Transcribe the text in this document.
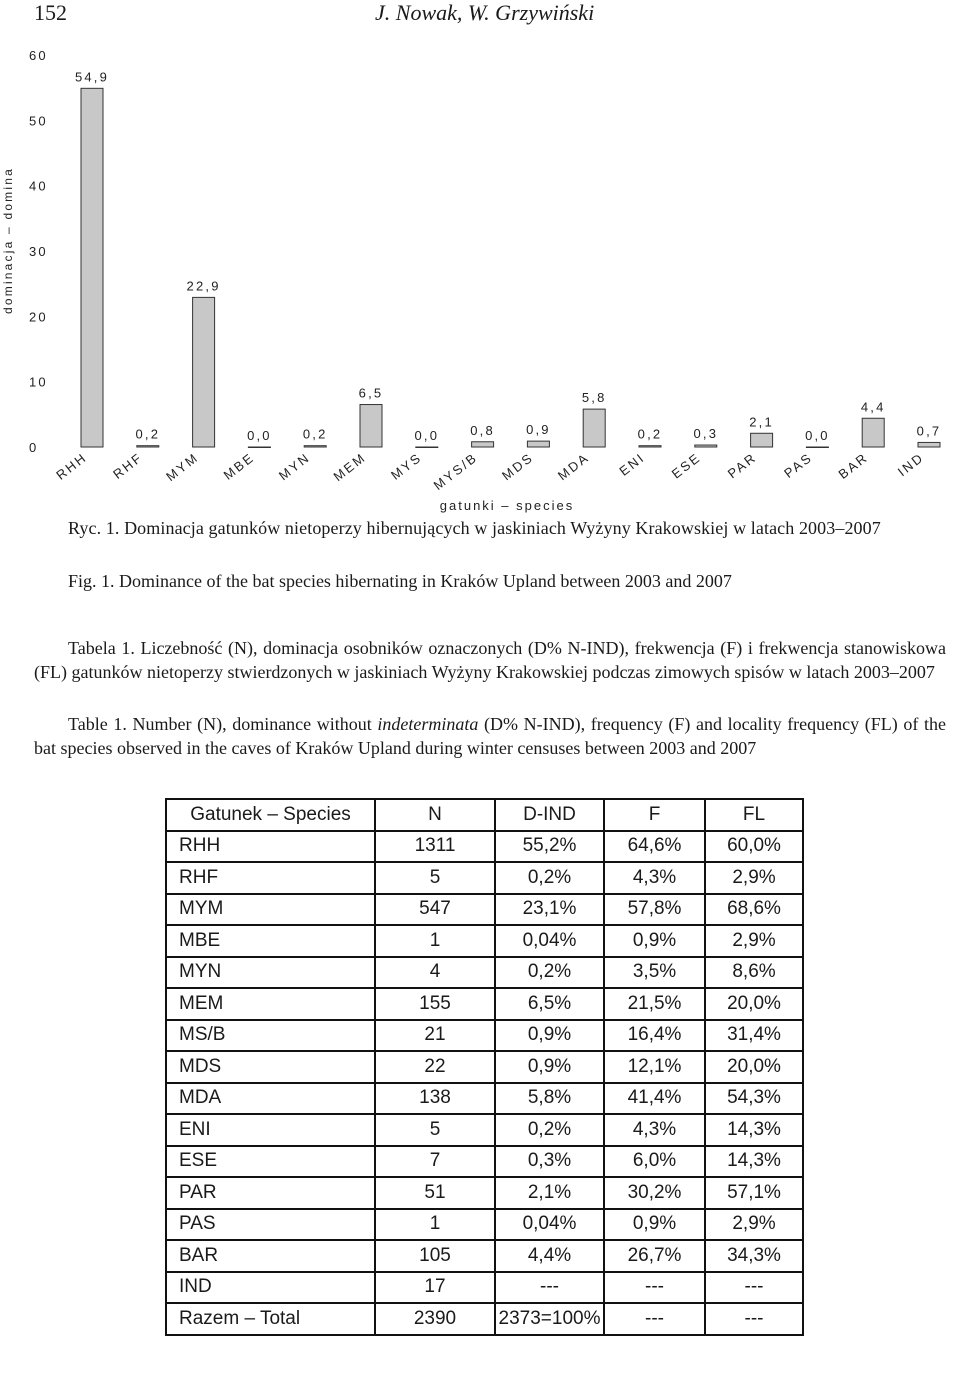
152	J. Nowak, W. Grzywiński
dominacja – domina
0
10
20
30
40
50
60
54,9
0,2
22,9
0,0 0,2
6,5
0,0 0,8 0,9
5,8
0,2 0,3
2,1
0,0
4,4
0,7
RHH RHF MYM MBE MYN MEM MYS MYS/B MDS MDA ENI ESE PAR PAS BAR IND
gatunki – species
Ryc. 1. Dominacja gatunków nietoperzy hibernujących w jaskiniach Wyżyny Krakowskiej w latach 2003–2007
Fig. 1. Dominance of the bat species hibernating in Kraków Upland between 2003 and 2007
Tabela 1. Liczebność (N), dominacja osobników oznaczonych (D% N-IND), frekwencja (F) i frekwencja stanowiskowa (FL) gatunków nietoperzy stwierdzonych w jaskiniach Wyżyny Krakowskiej podczas zimowych spisów w latach 2003–2007
Table 1. Number (N), dominance without indeterminata (D% N-IND), frequency (F) and locality frequency (FL) of the bat species observed in the caves of Kraków Upland during winter censuses between 2003 and 2007
Gatunek – Species	N	D-IND	F	FL
RHH	1311	55,2%	64,6%	60,0%
RHF	5	0,2%	4,3%	2,9%
MYM	547	23,1%	57,8%	68,6%
MBE	1	0,04%	0,9%	2,9%
MYN	4	0,2%	3,5%	8,6%
MEM	155	6,5%	21,5%	20,0%
MS/B	21	0,9%	16,4%	31,4%
MDS	22	0,9%	12,1%	20,0%
MDA	138	5,8%	41,4%	54,3%
ENI	5	0,2%	4,3%	14,3%
ESE	7	0,3%	6,0%	14,3%
PAR	51	2,1%	30,2%	57,1%
PAS	1	0,04%	0,9%	2,9%
BAR	105	4,4%	26,7%	34,3%
IND	17	---	---	---
Razem – Total	2390	2373=100%	---	---
